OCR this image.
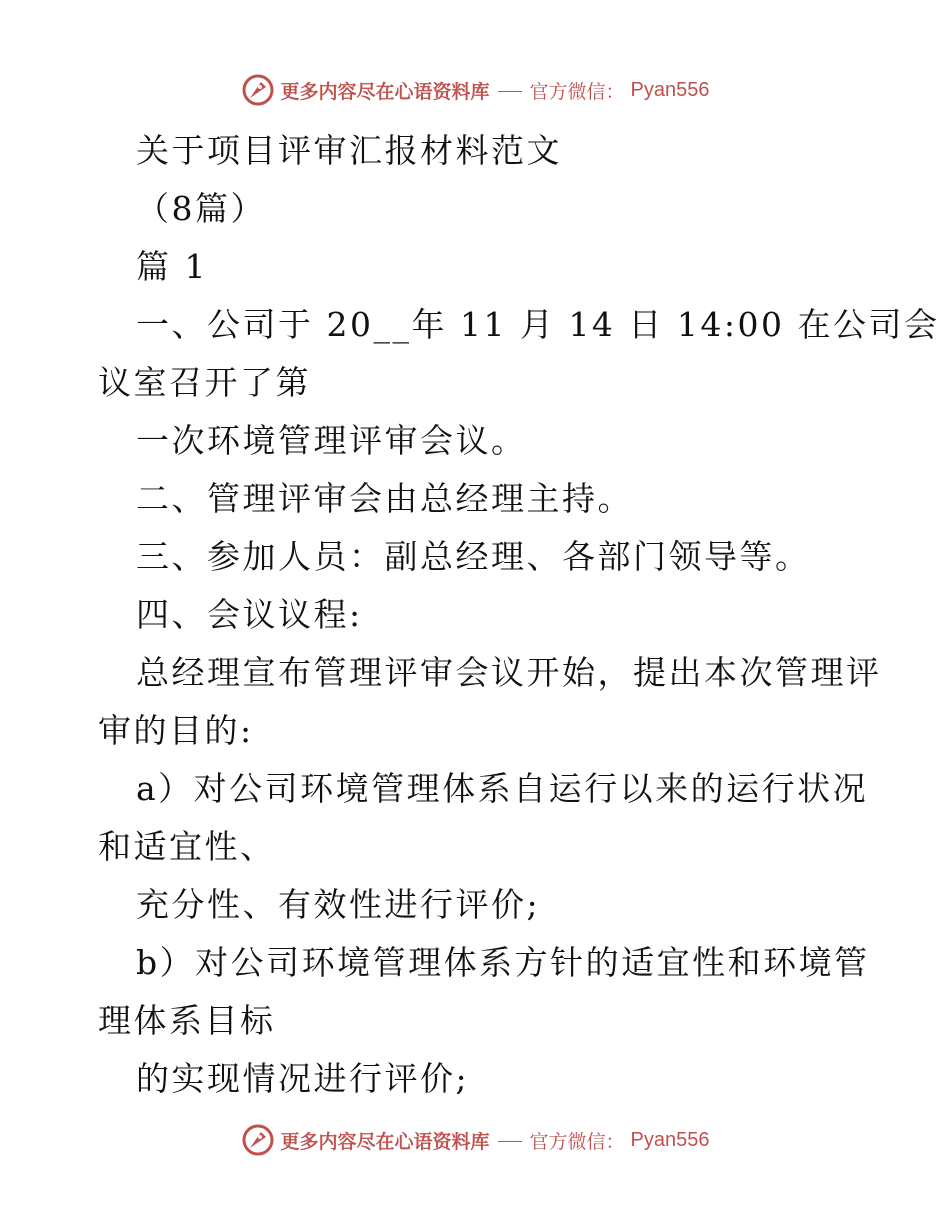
更多内容尽在心语资料库 官方微信： Pyan556
关于项目评审汇报材料范文
（8篇）
篇 1
一、公司于 20__年 11 月 14 日 14:00 在公司会
议室召开了第
一次环境管理评审会议。
二、管理评审会由总经理主持。
三、参加人员：副总经理、各部门领导等。
四、会议议程:
总经理宣布管理评审会议开始，提出本次管理评
审的目的:
a）对公司环境管理体系自运行以来的运行状况
和适宜性、
充分性、有效性进行评价;
b）对公司环境管理体系方针的适宜性和环境管
理体系目标
的实现情况进行评价;
更多内容尽在心语资料库 官方微信： Pyan556
